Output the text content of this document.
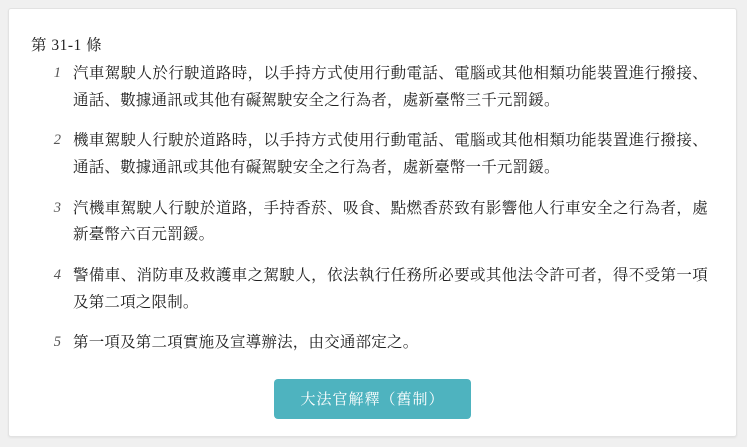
第 31-1 條
1 汽車駕駛人於行駛道路時，以手持方式使用行動電話、電腦或其他相類功能裝置進行撥接、通話、數據通訊或其他有礙駕駛安全之行為者，處新臺幣三千元罰鍰。
2 機車駕駛人行駛於道路時，以手持方式使用行動電話、電腦或其他相類功能裝置進行撥接、通話、數據通訊或其他有礙駕駛安全之行為者，處新臺幣一千元罰鍰。
3 汽機車駕駛人行駛於道路，手持香菸、吸食、點燃香菸致有影響他人行車安全之行為者，處新臺幣六百元罰鍰。
4 警備車、消防車及救護車之駕駛人，依法執行任務所必要或其他法令許可者，得不受第一項及第二項之限制。
5 第一項及第二項實施及宣導辦法，由交通部定之。
大法官解釋（舊制）
